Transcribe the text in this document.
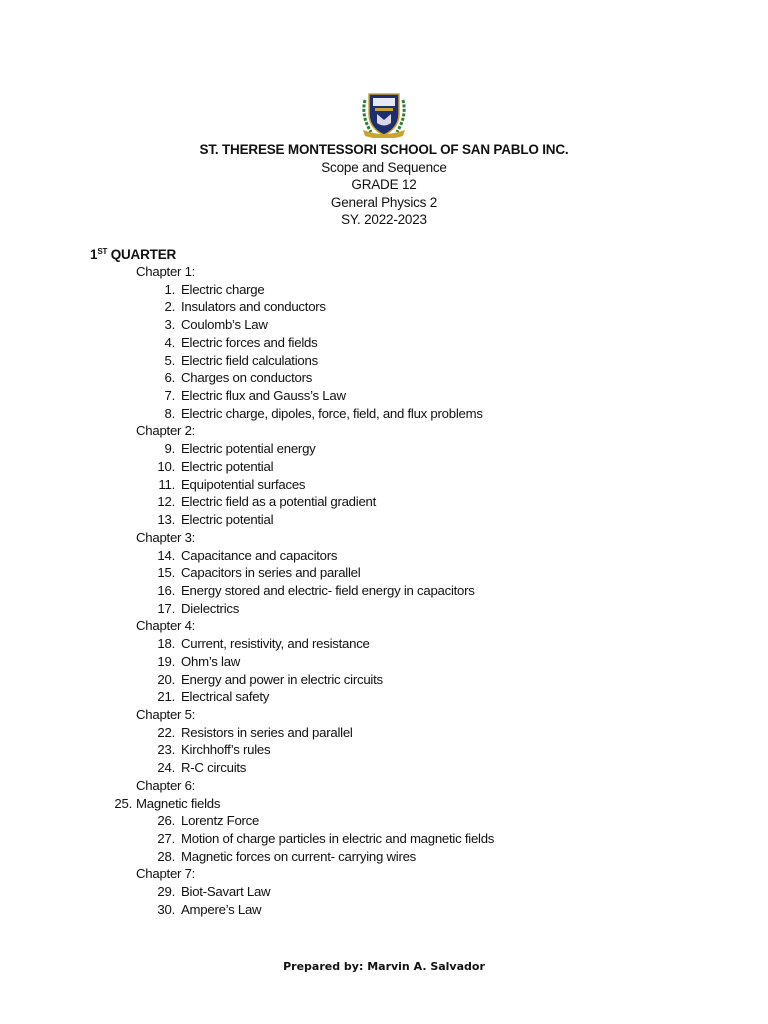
ST. THERESE MONTESSORI SCHOOL OF SAN PABLO INC.
Scope and Sequence
GRADE 12
General Physics 2
SY. 2022-2023
1ST QUARTER
Chapter 1:
1. Electric charge
2. Insulators and conductors
3. Coulomb’s Law
4. Electric forces and fields
5. Electric field calculations
6. Charges on conductors
7. Electric flux and Gauss’s Law
8. Electric charge, dipoles, force, field, and flux problems
Chapter 2:
9. Electric potential energy
10. Electric potential
11. Equipotential surfaces
12. Electric field as a potential gradient
13. Electric potential
Chapter 3:
14. Capacitance and capacitors
15. Capacitors in series and parallel
16. Energy stored and electric- field energy in capacitors
17. Dielectrics
Chapter 4:
18. Current, resistivity, and resistance
19. Ohm’s law
20. Energy and power in electric circuits
21. Electrical safety
Chapter 5:
22. Resistors in series and parallel
23. Kirchhoff’s rules
24. R-C circuits
Chapter 6:
25. Magnetic fields
26. Lorentz Force
27. Motion of charge particles in electric and magnetic fields
28. Magnetic forces on current- carrying wires
Chapter 7:
29. Biot-Savart Law
30. Ampere’s Law
Prepared by: Marvin A. Salvador
